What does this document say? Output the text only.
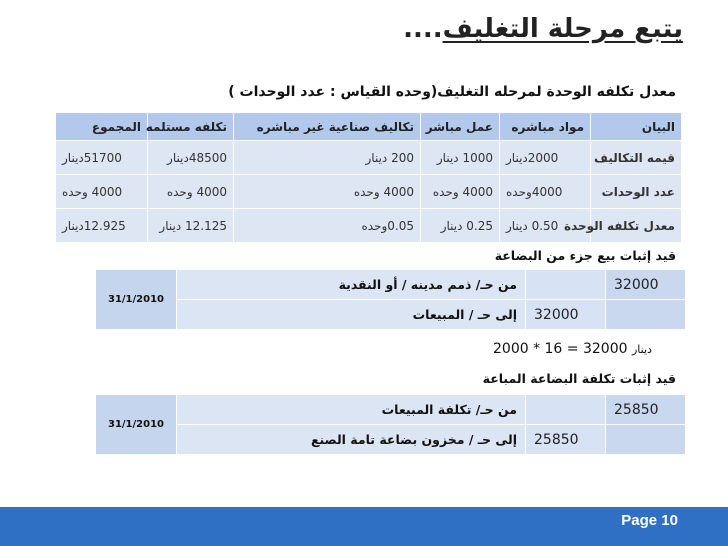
يتبع مرحلة التغليف....
معدل تكلفه الوحدة لمرحله التغليف(وحده القياس : عدد الوحدات )
البيان	مواد مباشره	عمل مباشر	تكاليف صناعية غير مباشره	تكلفه مستلمه	المجموع
قيمه التكاليف	2000دينار	1000 دينار	200 دينار	48500دينار	51700دينار
عدد الوحدات	4000وحده	4000 وحده	4000 وحده	4000 وحده	4000 وحده
معدل تكلفه الوحدة	0.50 دينار	0.25 دينار	0.05وحده	12.125 دينار	12.925دينار
قيد إثبات بيع جزء من البضاعة
32000		من حـ/ ذمم مدينه / أو النقدية	31/1/2010
	32000	إلى حـ / المبيعات	
2000 * 16 = 32000 دينار
قيد إثبات تكلفة البضاعة المباعة
25850		من حـ/ تكلفة المبيعات	31/1/2010
	25850	إلى حـ / مخزون بضاعة تامة الصنع	
Page 10
